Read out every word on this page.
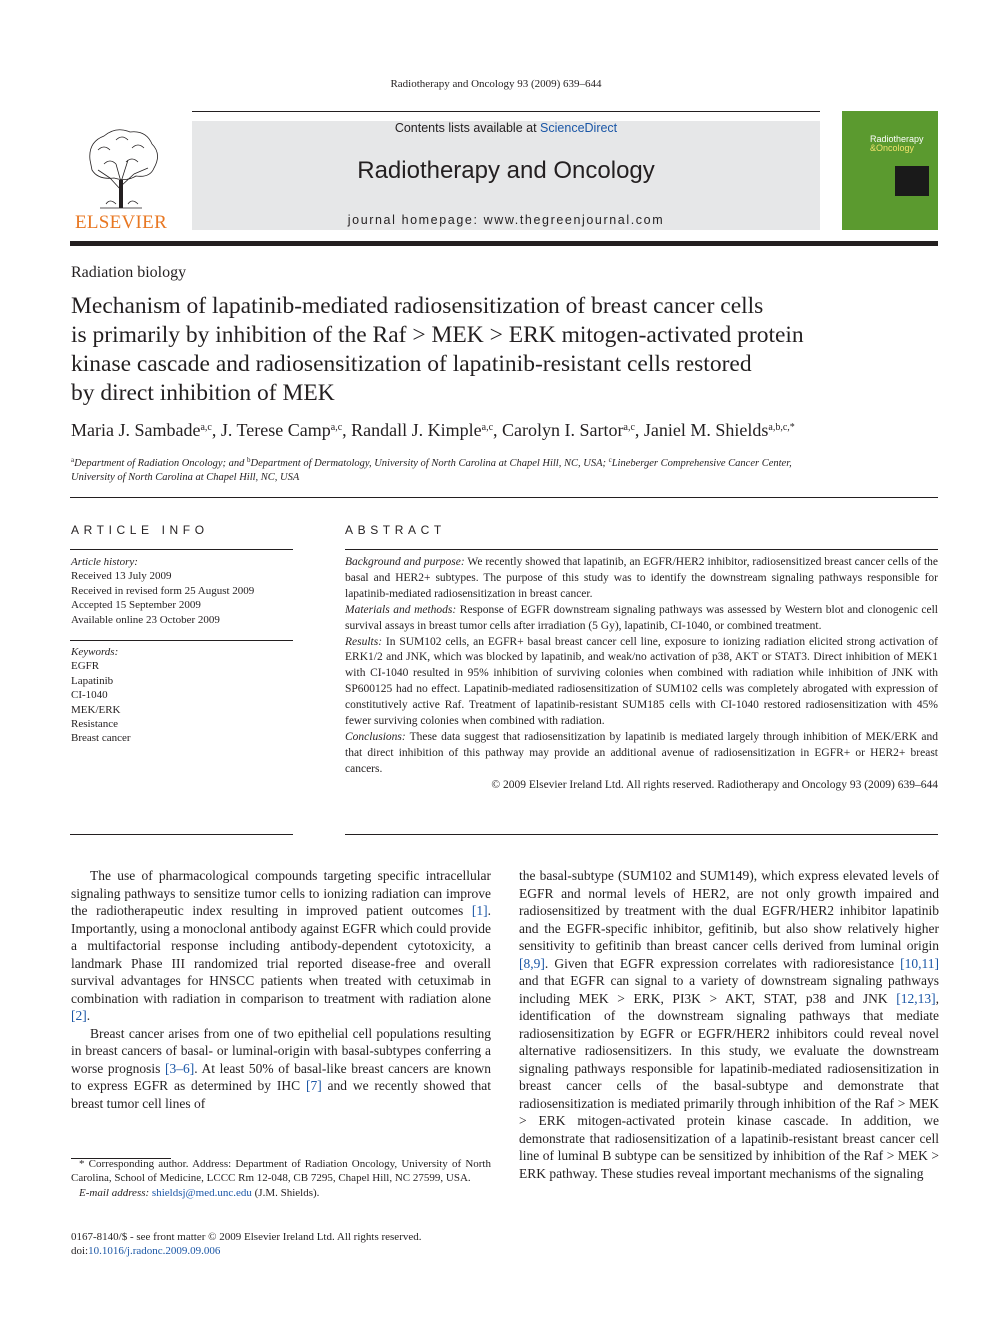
Radiotherapy and Oncology 93 (2009) 639–644
ELSEVIER
Contents lists available at ScienceDirect
Radiotherapy and Oncology
journal homepage: www.thegreenjournal.com
Radiotherapy
&Oncology
Radiation biology
Mechanism of lapatinib-mediated radiosensitization of breast cancer cells
is primarily by inhibition of the Raf > MEK > ERK mitogen-activated protein
kinase cascade and radiosensitization of lapatinib-resistant cells restored
by direct inhibition of MEK
Maria J. Sambade$^{a,c}$, J. Terese Camp$^{a,c}$, Randall J. Kimple$^{a,c}$, Carolyn I. Sartor$^{a,c}$, Janiel M. Shields$^{a,b,c,*}$
$^a$Department of Radiation Oncology; and $^b$Department of Dermatology, University of North Carolina at Chapel Hill, NC, USA; $^c$Lineberger Comprehensive Cancer Center,
University of North Carolina at Chapel Hill, NC, USA
ARTICLE INFO	ABSTRACT
Article history:
Received 13 July 2009
Received in revised form 25 August 2009
Accepted 15 September 2009
Available online 23 October 2009
Keywords:
EGFR
Lapatinib
CI-1040
MEK/ERK
Resistance
Breast cancer

Background and purpose: We recently showed that lapatinib, an EGFR/HER2 inhibitor, radiosensitized breast cancer cells of the basal and HER2+ subtypes. The purpose of this study was to identify the downstream signaling pathways responsible for lapatinib-mediated radiosensitization in breast cancer.

Materials and methods: Response of EGFR downstream signaling pathways was assessed by Western blot and clonogenic cell survival assays in breast tumor cells after irradiation (5 Gy), lapatinib, CI-1040, or combined treatment.

Results: In SUM102 cells, an EGFR+ basal breast cancer cell line, exposure to ionizing radiation elicited strong activation of ERK1/2 and JNK, which was blocked by lapatinib, and weak/no activation of p38, AKT or STAT3. Direct inhibition of MEK1 with CI-1040 resulted in 95% inhibition of surviving colonies when combined with radiation while inhibition of JNK with SP600125 had no effect. Lapatinib-mediated radiosensitization of SUM102 cells was completely abrogated with expression of constitutively active Raf. Treatment of lapatinib-resistant SUM185 cells with CI-1040 restored radiosensitization with 45% fewer surviving colonies when combined with radiation.

Conclusions: These data suggest that radiosensitization by lapatinib is mediated largely through inhibition of MEK/ERK and that direct inhibition of this pathway may provide an additional avenue of radiosensitization in EGFR+ or HER2+ breast cancers.

© 2009 Elsevier Ireland Ltd. All rights reserved. Radiotherapy and Oncology 93 (2009) 639–644

The use of pharmacological compounds targeting specific intracellular signaling pathways to sensitize tumor cells to ionizing radiation can improve the radiotherapeutic index resulting in improved patient outcomes [1]. Importantly, using a monoclonal antibody against EGFR which could provide a multifactorial response including antibody-dependent cytotoxicity, a landmark Phase III randomized trial reported disease-free and overall survival advantages for HNSCC patients when treated with cetuximab in combination with radiation in comparison to treatment with radiation alone [2].

Breast cancer arises from one of two epithelial cell populations resulting in breast cancers of basal- or luminal-origin with basal-subtypes conferring a worse prognosis [3–6]. At least 50% of basal-like breast cancers are known to express EGFR as determined by IHC [7] and we recently showed that breast tumor cell lines of

the basal-subtype (SUM102 and SUM149), which express elevated levels of EGFR and normal levels of HER2, are not only growth impaired and radiosensitized by treatment with the dual EGFR/HER2 inhibitor lapatinib and the EGFR-specific inhibitor, gefitinib, but also show relatively higher sensitivity to gefitinib than breast cancer cells derived from luminal origin [8,9]. Given that EGFR expression correlates with radioresistance [10,11] and that EGFR can signal to a variety of downstream signaling pathways including MEK > ERK, PI3K > AKT, STAT, p38 and JNK [12,13], identification of the downstream signaling pathways that mediate radiosensitization by EGFR or EGFR/HER2 inhibitors could reveal novel alternative radiosensitizers. In this study, we evaluate the downstream signaling pathways responsible for lapatinib-mediated radiosensitization in breast cancer cells of the basal-subtype and demonstrate that radiosensitization is mediated primarily through inhibition of the Raf > MEK > ERK mitogen-activated protein kinase cascade. In addition, we demonstrate that radiosensitization of a lapatinib-resistant breast cancer cell line of luminal B subtype can be sensitized by inhibition of the Raf > MEK > ERK pathway. These studies reveal important mechanisms of the signaling

* Corresponding author. Address: Department of Radiation Oncology, University of North Carolina, School of Medicine, LCCC Rm 12-048, CB 7295, Chapel Hill, NC 27599, USA.

E-mail address: shieldsj@med.unc.edu (J.M. Shields).

0167-8140/$ - see front matter © 2009 Elsevier Ireland Ltd. All rights reserved.
doi:10.1016/j.radonc.2009.09.006
